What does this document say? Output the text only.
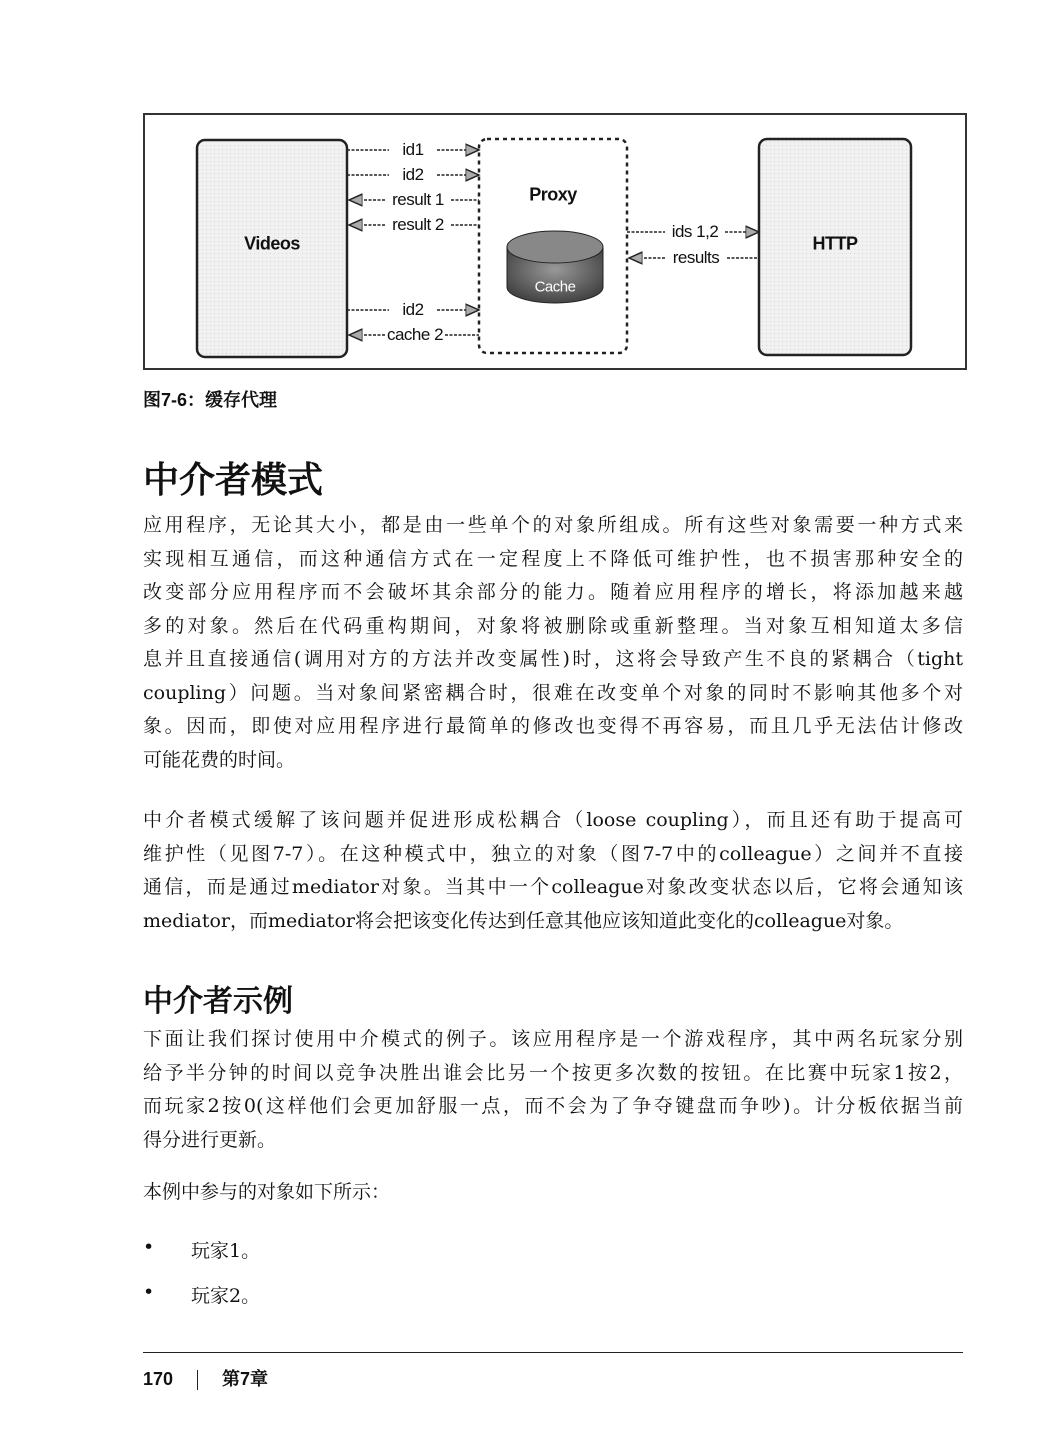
Videos
Proxy
Cache
HTTP
id1
id2
result 1
result 2	ids 1,2
results
id2
cache 2
图7-6：缓存代理
中介者模式
应用程序，无论其大小，都是由一些单个的对象所组成。所有这些对象需要一种方式来
实现相互通信，而这种通信方式在一定程度上不降低可维护性，也不损害那种安全的
改变部分应用程序而不会破坏其余部分的能力。随着应用程序的增长，将添加越来越
多的对象。然后在代码重构期间，对象将被删除或重新整理。当对象互相知道太多信
息并且直接通信(调用对方的方法并改变属性)时，这将会导致产生不良的紧耦合（tight
coupling）问题。当对象间紧密耦合时，很难在改变单个对象的同时不影响其他多个对
象。因而，即使对应用程序进行最简单的修改也变得不再容易，而且几乎无法估计修改
可能花费的时间。
中介者模式缓解了该问题并促进形成松耦合（loose coupling），而且还有助于提高可
维护性（见图7-7）。在这种模式中，独立的对象（图7-7中的colleague）之间并不直接
通信，而是通过mediator对象。当其中一个colleague对象改变状态以后，它将会通知该
mediator，而mediator将会把该变化传达到任意其他应该知道此变化的colleague对象。
中介者示例
下面让我们探讨使用中介模式的例子。该应用程序是一个游戏程序，其中两名玩家分别
给予半分钟的时间以竞争决胜出谁会比另一个按更多次数的按钮。在比赛中玩家1按2，
而玩家2按0(这样他们会更加舒服一点，而不会为了争夺键盘而争吵)。计分板依据当前
得分进行更新。
本例中参与的对象如下所示：
• 玩家1。
• 玩家2。
170	第7章
